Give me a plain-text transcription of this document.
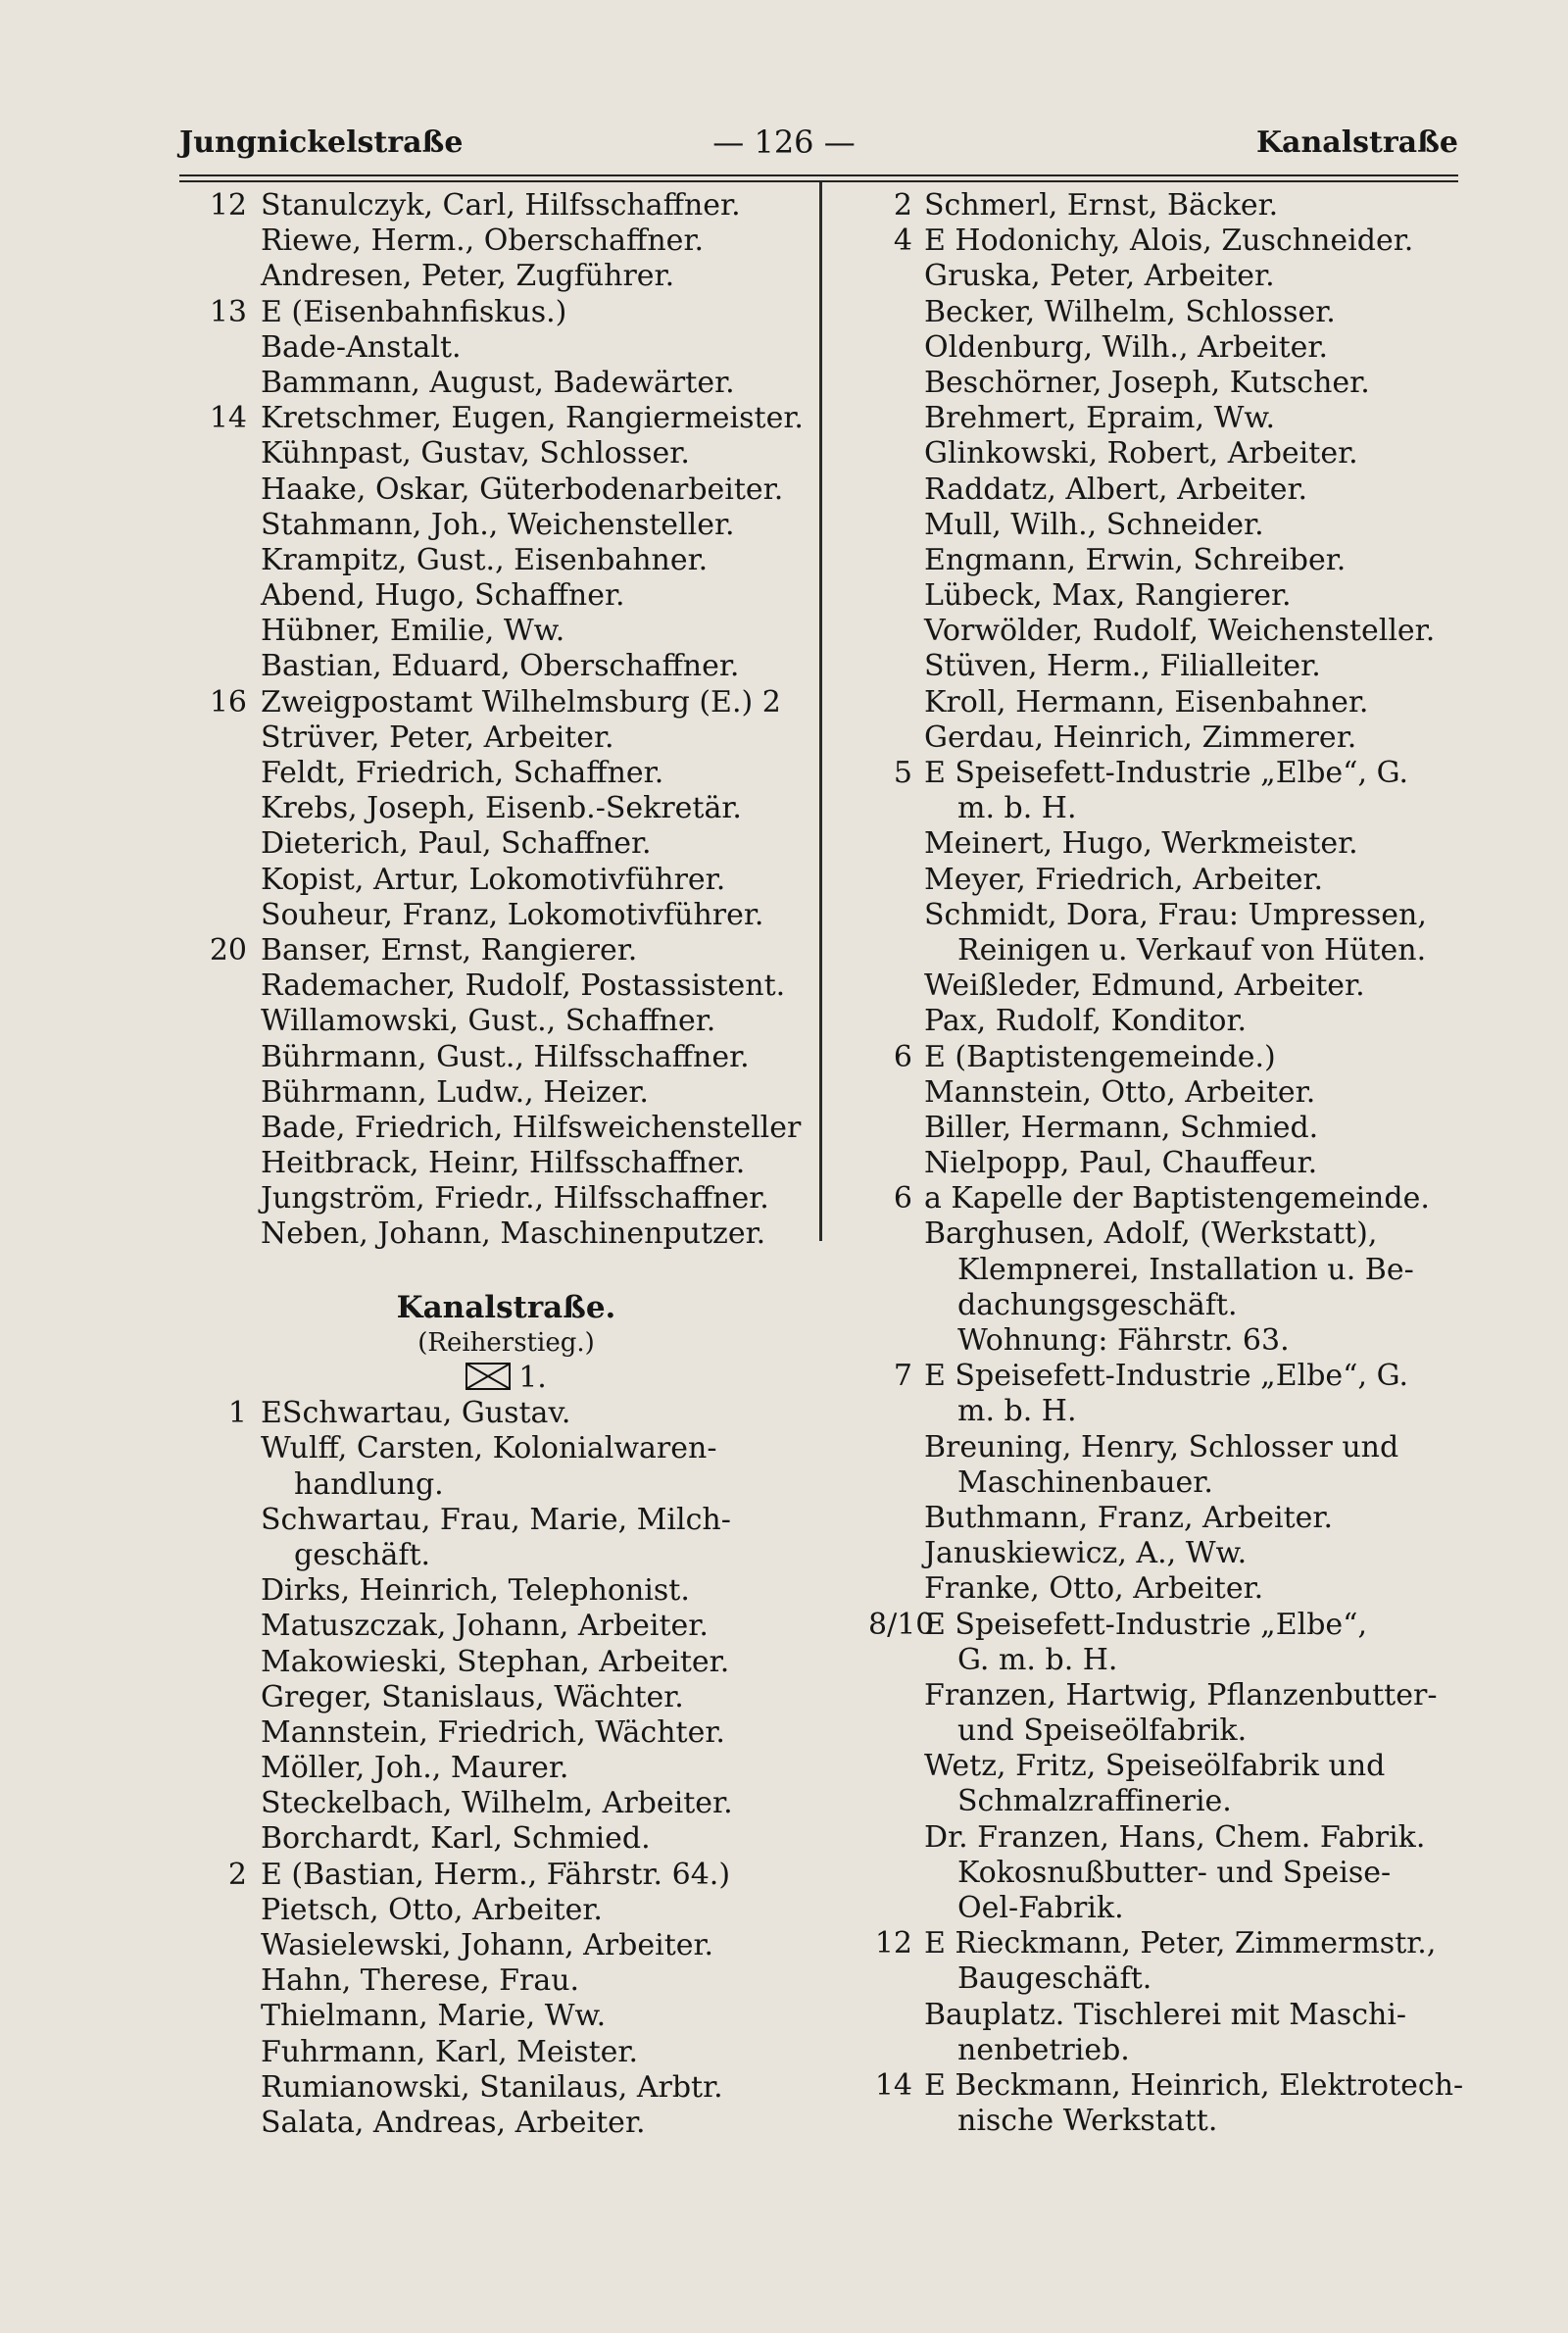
Jungnickelstraße	— 126 —	Kanalstraße
12 Stanulczyk, Carl, Hilfsschaffner.
Riewe, Herm., Oberschaffner.
Andresen, Peter, Zugführer.
13 E (Eisenbahnfiskus.)
Bade-Anstalt.
Bammann, August, Badewärter.
14 Kretschmer, Eugen, Rangiermeister.
Kühnpast, Gustav, Schlosser.
Haake, Oskar, Güterbodenarbeiter.
Stahmann, Joh., Weichensteller.
Krampitz, Gust., Eisenbahner.
Abend, Hugo, Schaffner.
Hübner, Emilie, Ww.
Bastian, Eduard, Oberschaffner.
16 Zweigpostamt Wilhelmsburg (E.) 2
Strüver, Peter, Arbeiter.
Feldt, Friedrich, Schaffner.
Krebs, Joseph, Eisenb.-Sekretär.
Dieterich, Paul, Schaffner.
Kopist, Artur, Lokomotivführer.
Souheur, Franz, Lokomotivführer.
20 Banser, Ernst, Rangierer.
Rademacher, Rudolf, Postassistent.
Willamowski, Gust., Schaffner.
Bührmann, Gust., Hilfsschaffner.
Bührmann, Ludw., Heizer.
Bade, Friedrich, Hilfsweichensteller
Heitbrack, Heinr, Hilfsschaffner.
Jungström, Friedr., Hilfsschaffner.
Neben, Johann, Maschinenputzer.
Kanalstraße.
(Reiherstieg.)
1.
1 ESchwartau, Gustav.
Wulff, Carsten, Kolonialwaren-
handlung.
Schwartau, Frau, Marie, Milch-
geschäft.
Dirks, Heinrich, Telephonist.
Matuszczak, Johann, Arbeiter.
Makowieski, Stephan, Arbeiter.
Greger, Stanislaus, Wächter.
Mannstein, Friedrich, Wächter.
Möller, Joh., Maurer.
Steckelbach, Wilhelm, Arbeiter.
Borchardt, Karl, Schmied.
2 E (Bastian, Herm., Fährstr. 64.)
Pietsch, Otto, Arbeiter.
Wasielewski, Johann, Arbeiter.
Hahn, Therese, Frau.
Thielmann, Marie, Ww.
Fuhrmann, Karl, Meister.
Rumianowski, Stanilaus, Arbtr.
Salata, Andreas, Arbeiter.
2 Schmerl, Ernst, Bäcker.
4 E Hodonichy, Alois, Zuschneider.
Gruska, Peter, Arbeiter.
Becker, Wilhelm, Schlosser.
Oldenburg, Wilh., Arbeiter.
Beschörner, Joseph, Kutscher.
Brehmert, Epraim, Ww.
Glinkowski, Robert, Arbeiter.
Raddatz, Albert, Arbeiter.
Mull, Wilh., Schneider.
Engmann, Erwin, Schreiber.
Lübeck, Max, Rangierer.
Vorwölder, Rudolf, Weichensteller.
Stüven, Herm., Filialleiter.
Kroll, Hermann, Eisenbahner.
Gerdau, Heinrich, Zimmerer.
5 E Speisefett-Industrie „Elbe“, G.
m. b. H.
Meinert, Hugo, Werkmeister.
Meyer, Friedrich, Arbeiter.
Schmidt, Dora, Frau: Umpressen,
Reinigen u. Verkauf von Hüten.
Weißleder, Edmund, Arbeiter.
Pax, Rudolf, Konditor.
6 E (Baptistengemeinde.)
Mannstein, Otto, Arbeiter.
Biller, Hermann, Schmied.
Nielpopp, Paul, Chauffeur.
6 a Kapelle der Baptistengemeinde.
Barghusen, Adolf, (Werkstatt),
Klempnerei, Installation u. Be-
dachungsgeschäft.
Wohnung: Fährstr. 63.
7 E Speisefett-Industrie „Elbe“, G.
m. b. H.
Breuning, Henry, Schlosser und
Maschinenbauer.
Buthmann, Franz, Arbeiter.
Januskiewicz, A., Ww.
Franke, Otto, Arbeiter.
8/10E Speisefett-Industrie „Elbe“,
G. m. b. H.
Franzen, Hartwig, Pflanzenbutter-
und Speiseölfabrik.
Wetz, Fritz, Speiseölfabrik und
Schmalzraffinerie.
Dr. Franzen, Hans, Chem. Fabrik.
Kokosnußbutter- und Speise-
Oel-Fabrik.
12 E Rieckmann, Peter, Zimmermstr.,
Baugeschäft.
Bauplatz. Tischlerei mit Maschi-
nenbetrieb.
14 E Beckmann, Heinrich, Elektrotech-
nische Werkstatt.
